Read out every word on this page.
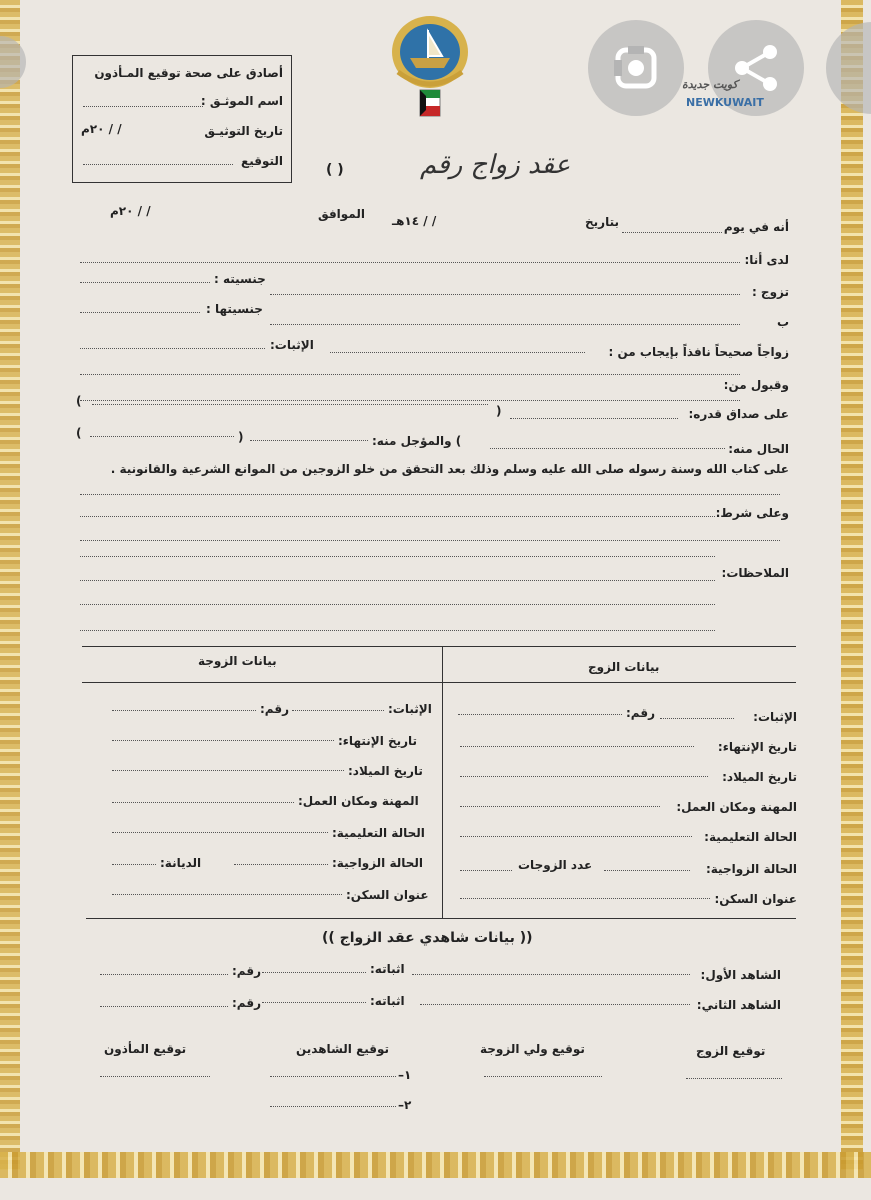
أصادق على صحة توقيع المـأذون
اسم الموثـق :
تاريخ التوثيـق
/ / ٢٠م
التوقيع
كويت جديدة
NEWKUWAIT
عقد زواج رقم
( )
أنه في يوم
بتاريخ
/ / ١٤هـ
الموافق
/ / ٢٠م
لدى أنا:
تزوج :
جنسيته :
ب
جنسيتها :
زواجاً صحيحاً نافذاً بإيجاب من :
الإثبات:
وقبول من:
على صداق قدره:
(
)
الحال منه:
) والمؤجل منه:
(
)
على كتاب الله وسنة رسوله صلى الله عليه وسلم وذلك بعد التحقق من خلو الزوجين من الموانع الشرعية والقانونية .
وعلى شرط:
الملاحظات:
بيانات الزوج
بيانات الزوجة
الإثبات:
رقم:
تاريخ الإنتهاء:
تاريخ الميلاد:
المهنة ومكان العمل:
الحالة التعليمية:
الحالة الزواجية:
عدد الزوجات
عنوان السكن:
الإثبات:
رقم:
تاريخ الإنتهاء:
تاريخ الميلاد:
المهنة ومكان العمل:
الحالة التعليمية:
الحالة الزواجية:
الديانة:
عنوان السكن:
(( بيانات شاهدي عقد الزواج ))
الشاهد الأول:
اثباته:
رقم:
الشاهد الثاني:
اثباته:
رقم:
توقيع الزوج
توقيع ولي الزوجة
توقيع الشاهدين
توقيع المأذون
١–
٢–
